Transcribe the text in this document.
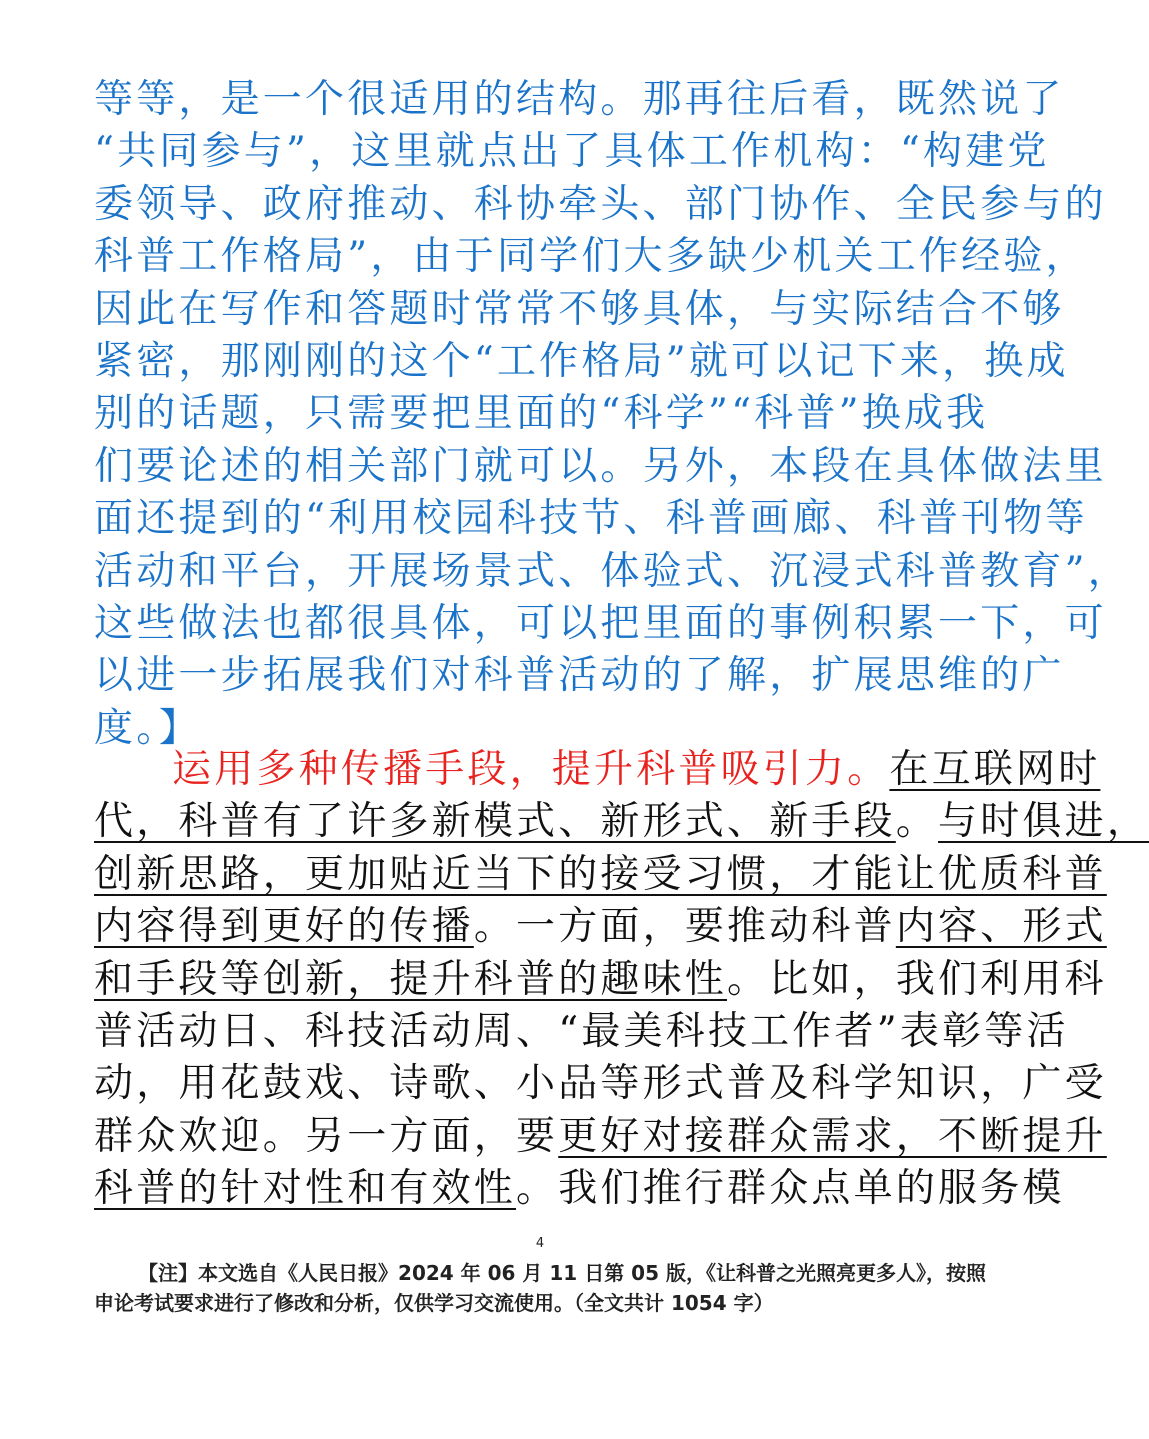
等等，是一个很适用的结构。那再往后看，既然说了
“共同参与”，这里就点出了具体工作机构：“构建党
委领导、政府推动、科协牵头、部门协作、全民参与的
科普工作格局”，由于同学们大多缺少机关工作经验，
因此在写作和答题时常常不够具体，与实际结合不够
紧密，那刚刚的这个“工作格局”就可以记下来，换成
别的话题，只需要把里面的“科学”“科普”换成我
们要论述的相关部门就可以。另外，本段在具体做法里
面还提到的“利用校园科技节、科普画廊、科普刊物等
活动和平台，开展场景式、体验式、沉浸式科普教育”，
这些做法也都很具体，可以把里面的事例积累一下，可
以进一步拓展我们对科普活动的了解，扩展思维的广
度。】
运用多种传播手段，提升科普吸引力。在互联网时
代，科普有了许多新模式、新形式、新手段。与时俱进，
创新思路，更加贴近当下的接受习惯，才能让优质科普
内容得到更好的传播。一方面，要推动科普内容、形式
和手段等创新，提升科普的趣味性。比如，我们利用科
普活动日、科技活动周、“最美科技工作者”表彰等活
动，用花鼓戏、诗歌、小品等形式普及科学知识，广受
群众欢迎。另一方面，要更好对接群众需求，不断提升
科普的针对性和有效性。我们推行群众点单的服务模
4
【注】本文选自《人民日报》2024 年 06 月 11 日第 05 版，《让科普之光照亮更多人》，按照申论考试要求进行了修改和分析，仅供学习交流使用。（全文共计 1054 字）
